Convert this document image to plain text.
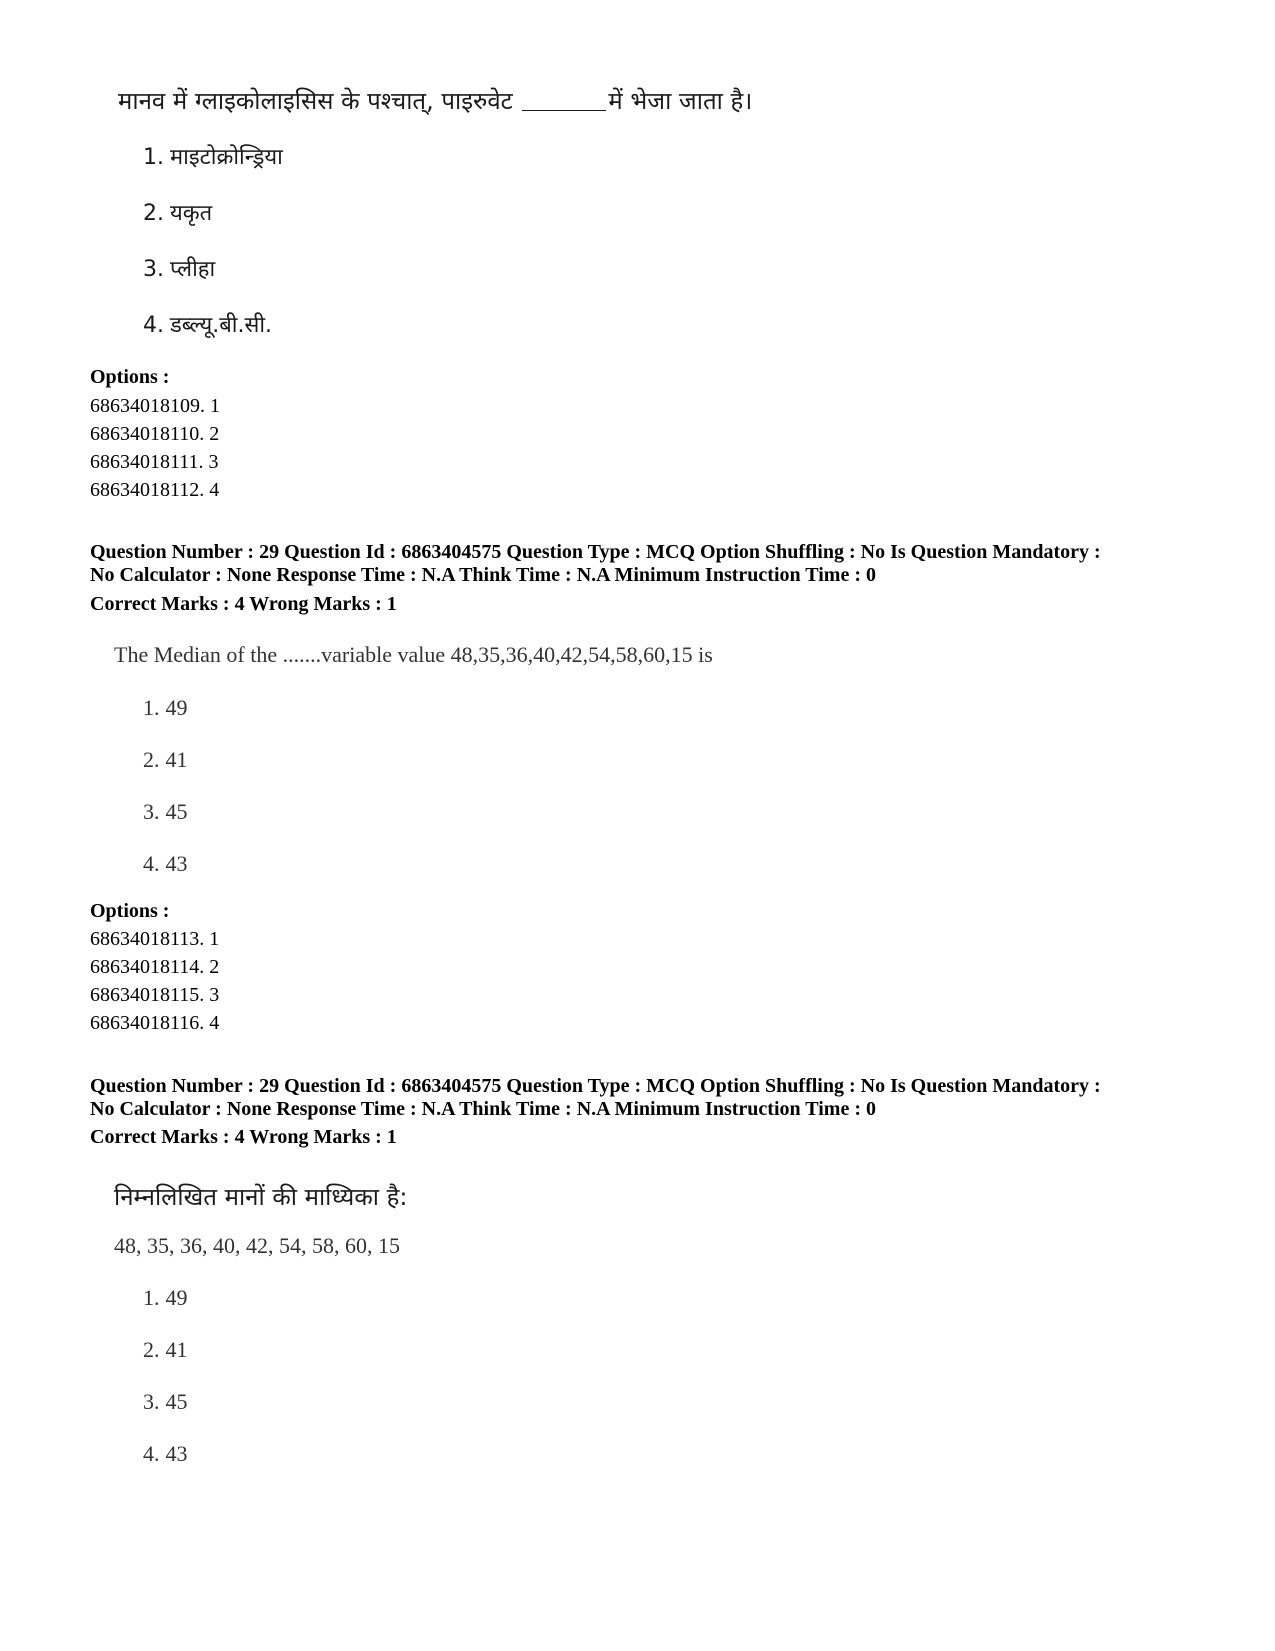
मानव में ग्लाइकोलाइसिस के पश्चात्, पाइरुवेट	में भेजा जाता है।
1. माइटोक्रोन्ड्रिया
2. यकृत
3. प्लीहा
4. डब्ल्यू.बी.सी.
Options :
68634018109. 1
68634018110. 2
68634018111. 3
68634018112. 4
Question Number : 29 Question Id : 6863404575 Question Type : MCQ Option Shuffling : No Is Question Mandatory :
No Calculator : None Response Time : N.A Think Time : N.A Minimum Instruction Time : 0
Correct Marks : 4 Wrong Marks : 1
The Median of the .......variable value 48,35,36,40,42,54,58,60,15 is
1. 49
2. 41
3. 45
4. 43
Options :
68634018113. 1
68634018114. 2
68634018115. 3
68634018116. 4
Question Number : 29 Question Id : 6863404575 Question Type : MCQ Option Shuffling : No Is Question Mandatory :
No Calculator : None Response Time : N.A Think Time : N.A Minimum Instruction Time : 0
Correct Marks : 4 Wrong Marks : 1
निम्नलिखित मानों की माध्यिका है:
48, 35, 36, 40, 42, 54, 58, 60, 15
1. 49
2. 41
3. 45
4. 43
